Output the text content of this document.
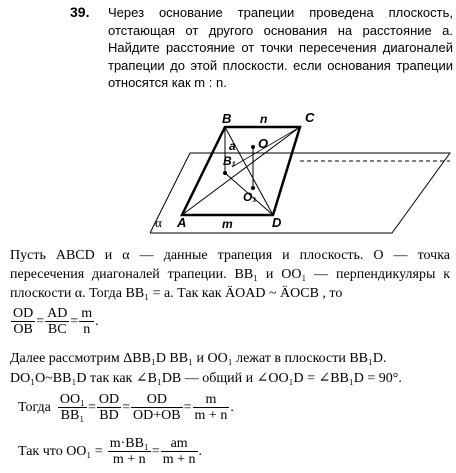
39. Через основание трапеции проведена плоскость, отстающая от другого основания на расстояние a. Найдите расстояние от точки пересечения диагоналей трапеции до этой плоскости. если основания трапеции относятся как m : n.
B n	C
a O
B₁
O₁
A	m	D
α
Пусть ABCD и α — данные трапеция и плоскость. O — точка пересечения диагоналей трапеции. BB₁ и OO₁ — перпендикуляры к плоскости α. Тогда BB₁ = a. Так как ÄOAD ~ ÄOCB , то
$\frac{OD}{OB} = \frac{AD}{BC} = \frac{m}{n}$ .
Далее рассмотрим ΔBB₁D BB₁ и OO₁ лежат в плоскости BB₁D.
DO₁O~BB₁D так как ∠B₁DB — общий и ∠OO₁D = ∠BB₁D = 90°.
Тогда $\frac{\text{OO₁}}{\text{BB₁}} = \frac{OD}{BD} = \frac{OD}{OD+OB} = \frac{m}{m + n}$ .
Так что $OO_1 = \frac{\text{m·BB₁}}{m + n} = \frac{am}{m + n}$ .
